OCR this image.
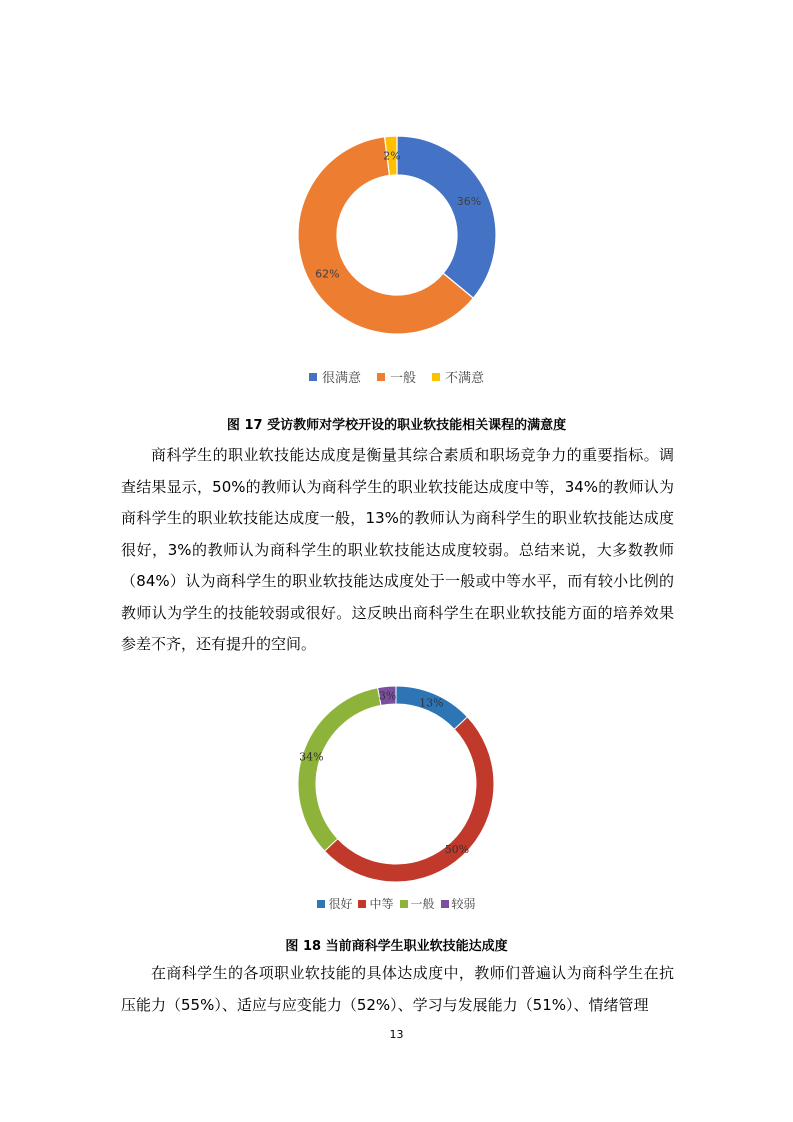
36%
62%
2%
很满意 一般 不满意
图 17 受访教师对学校开设的职业软技能相关课程的满意度

商科学生的职业软技能达成度是衡量其综合素质和职场竞争力的重要指标。调查结果显示，50%的教师认为商科学生的职业软技能达成度中等，34%的教师认为商科学生的职业软技能达成度一般，13%的教师认为商科学生的职业软技能达成度很好，3%的教师认为商科学生的职业软技能达成度较弱。总结来说，大多数教师（84%）认为商科学生的职业软技能达成度处于一般或中等水平，而有较小比例的教师认为学生的技能较弱或很好。这反映出商科学生在职业软技能方面的培养效果参差不齐，还有提升的空间。

13%
50%
34%
3%
很好 中等 一般 较弱
图 18 当前商科学生职业软技能达成度

在商科学生的各项职业软技能的具体达成度中，教师们普遍认为商科学生在抗压能力（55%）、适应与应变能力（52%）、学习与发展能力（51%）、情绪管理

13
